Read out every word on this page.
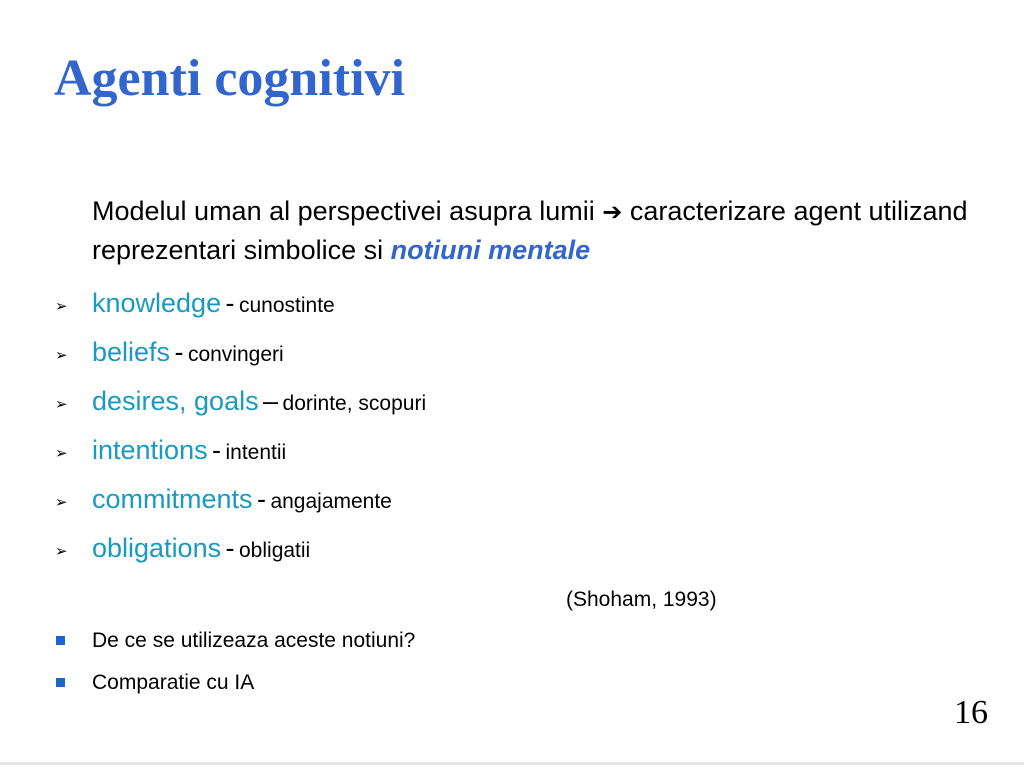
Agenti cognitivi
Modelul uman al perspectivei asupra lumii ➔ caracterizare agent utilizand reprezentari simbolice si notiuni mentale
➢ knowledge - cunostinte
➢ beliefs - convingeri
➢ desires, goals – dorinte, scopuri
➢ intentions - intentii
➢ commitments - angajamente
➢ obligations - obligatii
(Shoham, 1993)
De ce se utilizeaza aceste notiuni?
Comparatie cu IA
16
